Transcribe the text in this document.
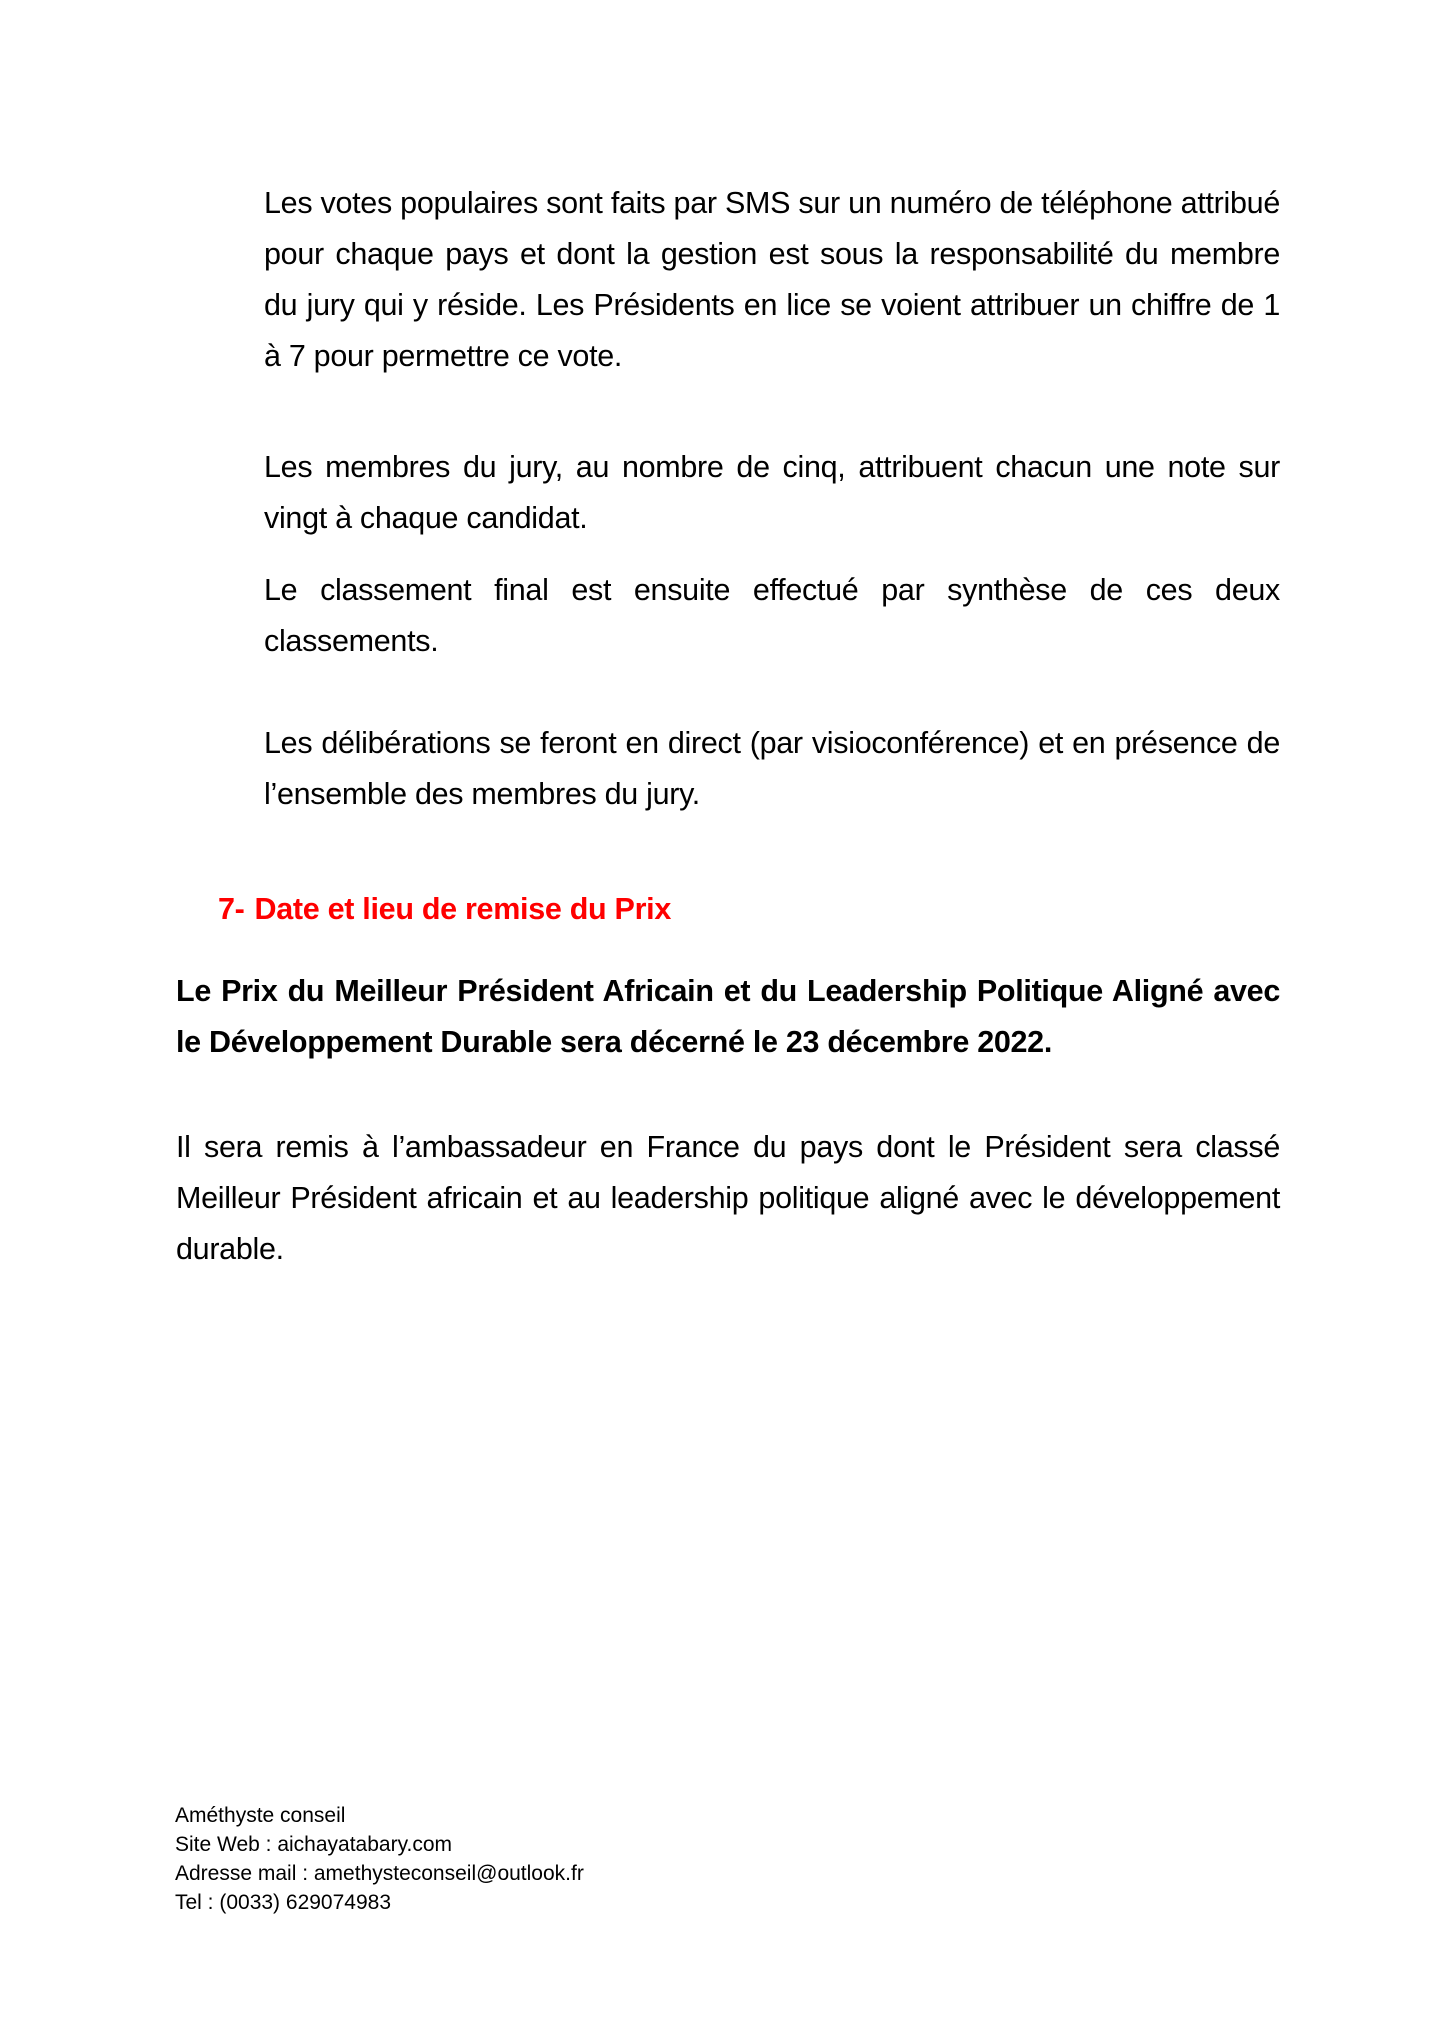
Les votes populaires sont faits par SMS sur un numéro de téléphone attribué pour chaque pays et dont la gestion est sous la responsabilité du membre du jury qui y réside. Les Présidents en lice se voient attribuer un chiffre de 1 à 7 pour permettre ce vote.

Les membres du jury, au nombre de cinq, attribuent chacun une note sur vingt à chaque candidat.

Le classement final est ensuite effectué par synthèse de ces deux classements.

Les délibérations se feront en direct (par visioconférence) et en présence de l’ensemble des membres du jury.

7- Date et lieu de remise du Prix

Le Prix du Meilleur Président Africain et du Leadership Politique Aligné avec le Développement Durable sera décerné le 23 décembre 2022.

Il sera remis à l’ambassadeur en France du pays dont le Président sera classé Meilleur Président africain et au leadership politique aligné avec le développement durable.

Améthyste conseil
Site Web : aichayatabary.com
Adresse mail : amethysteconseil@outlook.fr
Tel : (0033) 629074983
